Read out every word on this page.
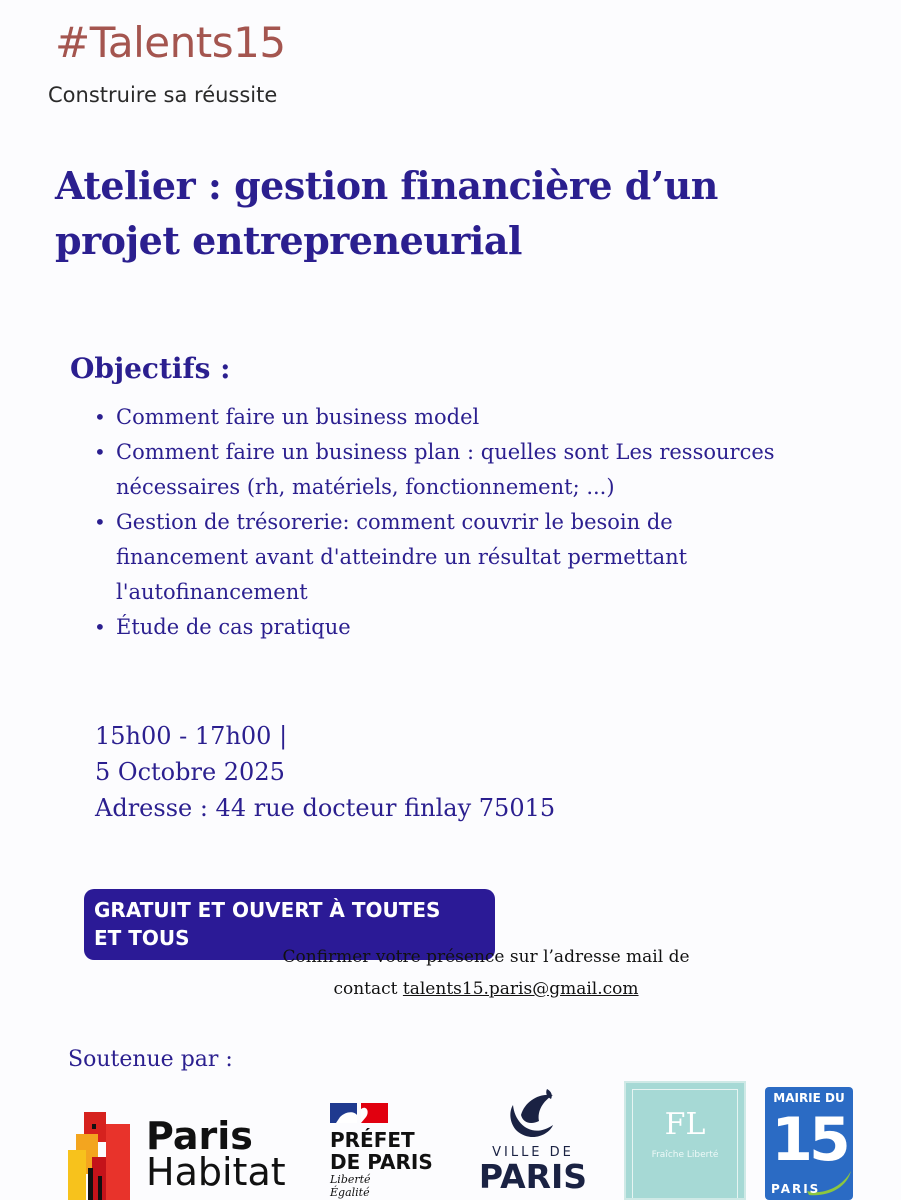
#Talents15
Construire sa réussite
Atelier : gestion financière d’un
projet entrepreneurial
Objectifs :
• Comment faire un business model
• Comment faire un business plan : quelles sont Les ressources nécessaires (rh, matériels, fonctionnement; ...)
• Gestion de trésorerie: comment couvrir le besoin de financement avant d'atteindre un résultat permettant l'autofinancement
• Étude de cas pratique
15h00 - 17h00 |
5 Octobre 2025
Adresse : 44 rue docteur finlay 75015
GRATUIT ET OUVERT À TOUTES
ET TOUS
Confirmer votre présence sur l’adresse mail de
contact talents15.paris@gmail.com
Soutenue par :
Paris
Habitat
PRÉFET
DE PARIS
Liberté
Égalité
VILLE DE
PARIS
FL
Fraîche Liberté
MAIRIE DU
15
PARIS
